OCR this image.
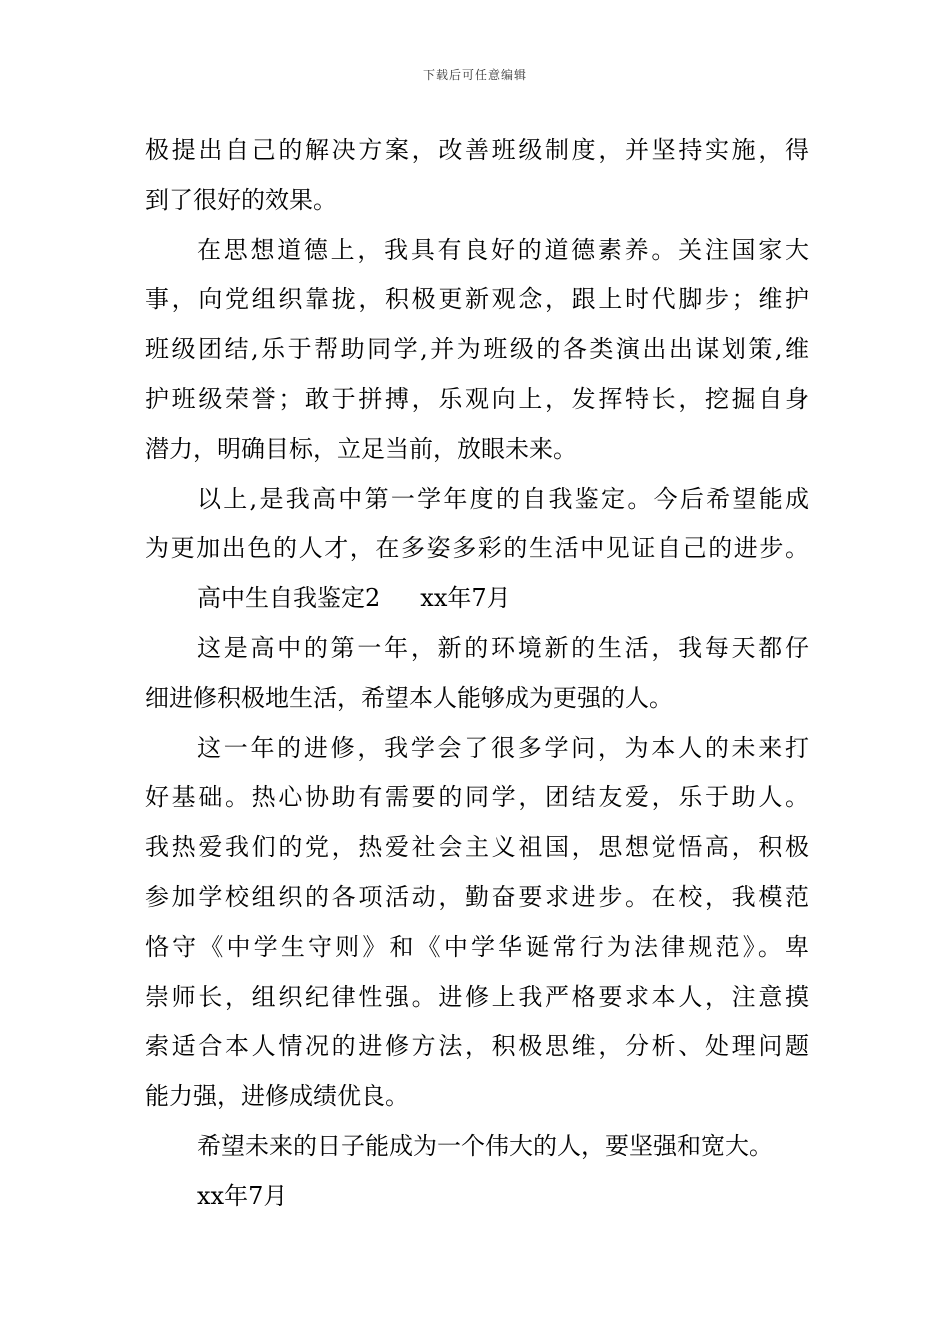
下载后可任意编辑
极提出自己的解决方案，改善班级制度，并坚持实施，得
到了很好的效果。
在思想道德上，我具有良好的道德素养。关注国家大
事，向党组织靠拢，积极更新观念，跟上时代脚步；维护
班级团结,乐于帮助同学,并为班级的各类演出出谋划策,维
护班级荣誉；敢于拼搏，乐观向上，发挥特长，挖掘自身
潜力，明确目标，立足当前，放眼未来。
以上,是我高中第一学年度的自我鉴定。今后希望能成
为更加出色的人才，在多姿多彩的生活中见证自己的进步。
高中生自我鉴定2 xx年7月
这是高中的第一年，新的环境新的生活，我每天都仔
细进修积极地生活，希望本人能够成为更强的人。
这一年的进修，我学会了很多学问，为本人的未来打
好基础。热心协助有需要的同学，团结友爱，乐于助人。
我热爱我们的党，热爱社会主义祖国，思想觉悟高，积极
参加学校组织的各项活动，勤奋要求进步。在校，我模范
恪守《中学生守则》和《中学华诞常行为法律规范》。卑
崇师长，组织纪律性强。进修上我严格要求本人，注意摸
索适合本人情况的进修方法，积极思维，分析、处理问题
能力强，进修成绩优良。
希望未来的日子能成为一个伟大的人，要坚强和宽大。
xx年7月
